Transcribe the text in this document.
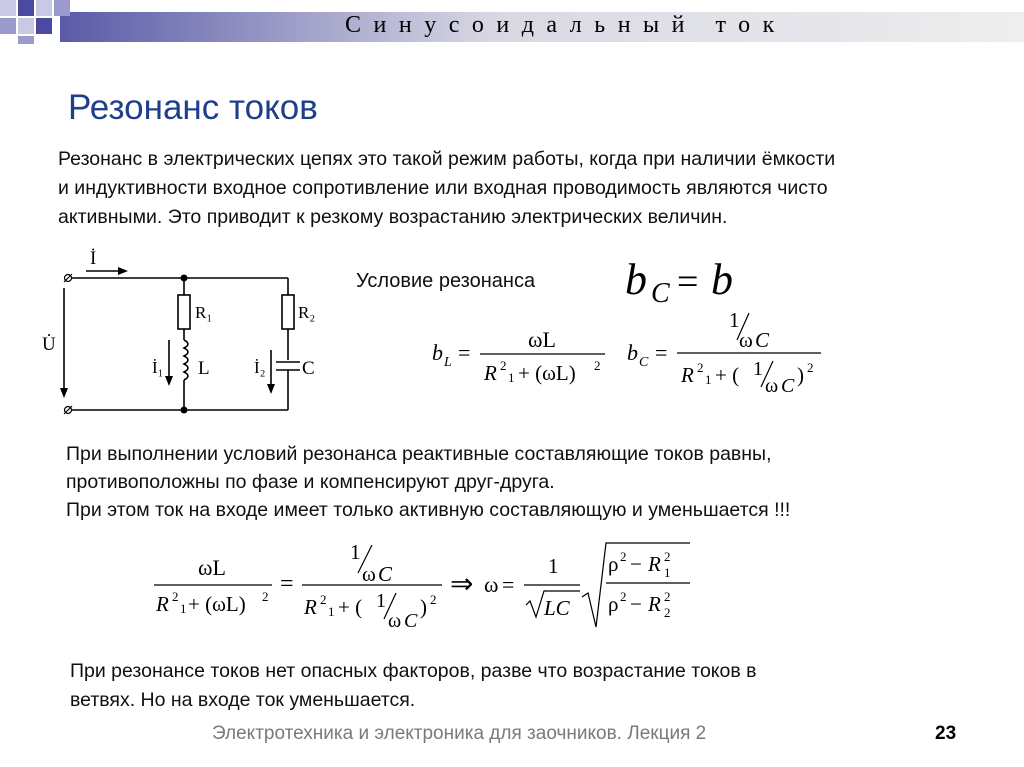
Синусоидальный ток
Резонанс токов
Резонанс в электрических цепях это такой режим работы, когда при наличии ёмкости
и индуктивности входное сопротивление или входная проводимость являются чисто
активными. Это приводит к резкому возрастанию электрических величин.
İ
U̇
R₁	R₂
İ₁	İ₂
L	C
Условие резонанса b C = b
b L =
ωL
R 2
1 + (ωL) 2
b C =
1
ω C
R 2
1 + ( 1
ω C ) 2
При выполнении условий резонанса реактивные составляющие токов равны,
противоположны по фазе и компенсируют друг-друга.
При этом ток на входе имеет только активную составляющую и уменьшается !!!
ωL
R 2
1 + (ωL) 2 =
1
ω C
R 2
1 + ( 1
ω C
) 2 ⇒ ω =
1
LC
ρ 2 − R 2
1
ρ 2 − R 2
2
При резонансе токов нет опасных факторов, разве что возрастание токов в
ветвях. Но на входе ток уменьшается.
Электротехника и электроника для заочников. Лекция 2	23
